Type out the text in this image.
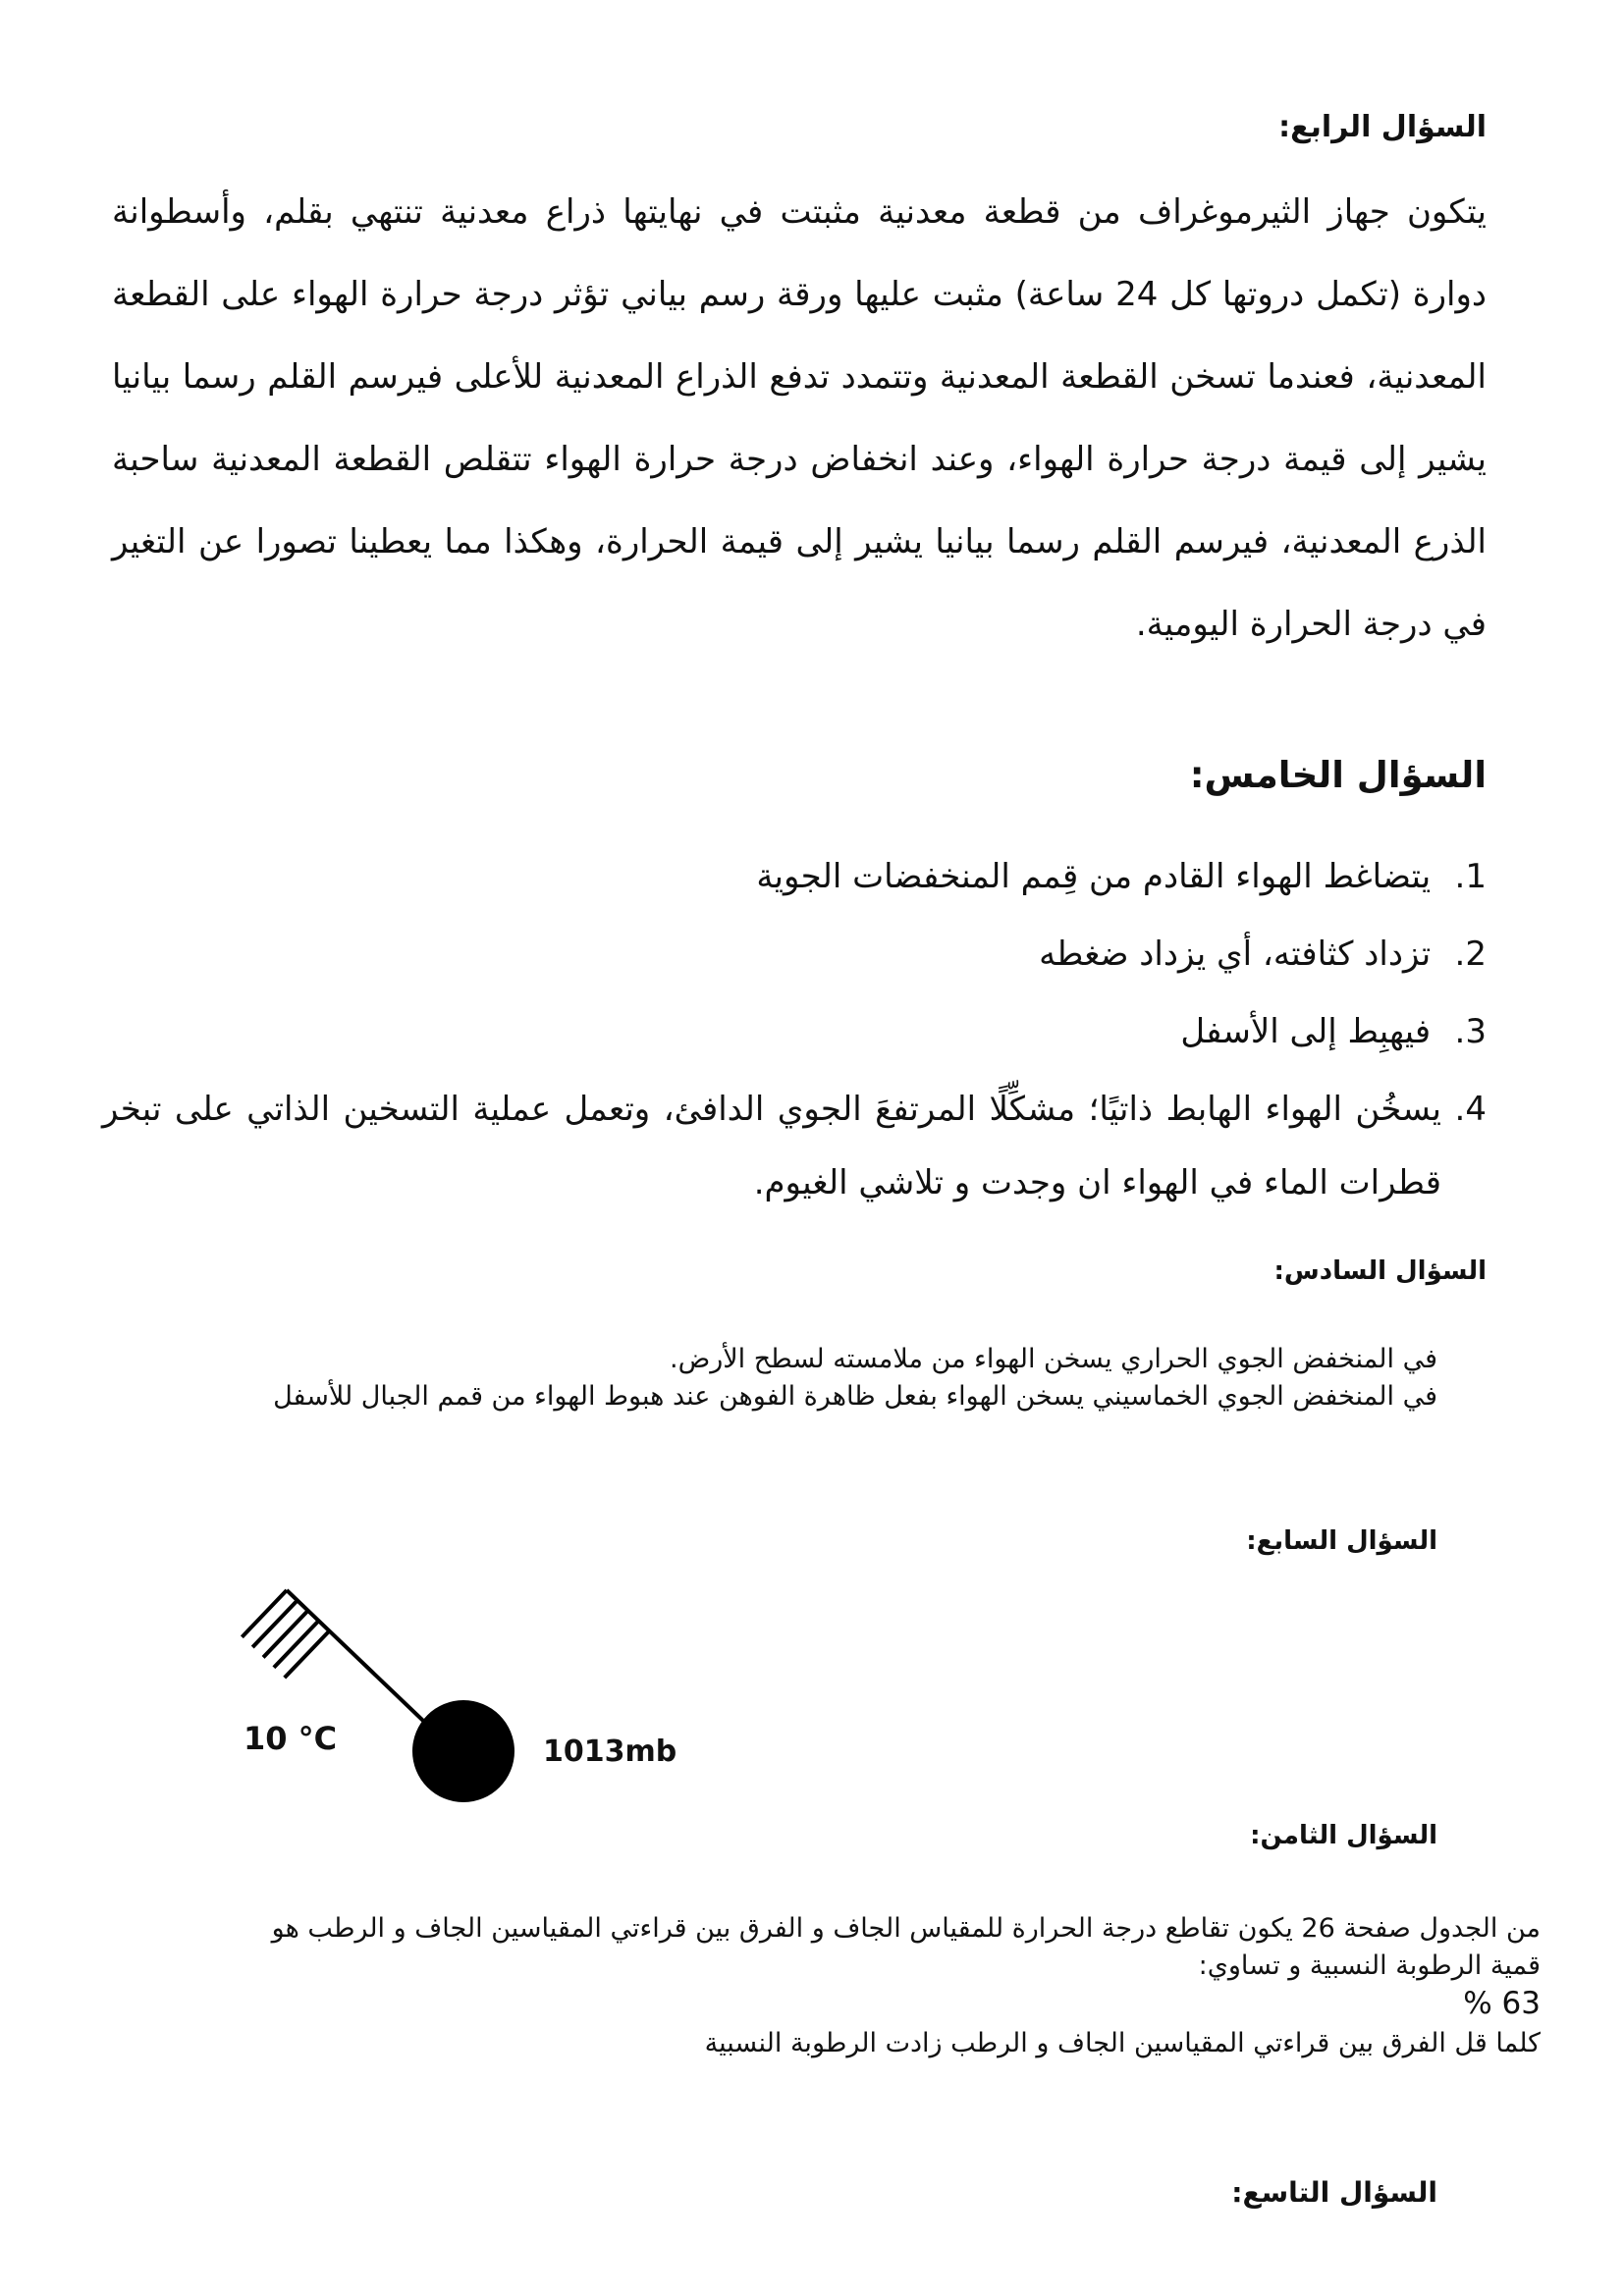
السؤال الرابع:
يتكون جهاز الثيرموغراف من قطعة معدنية مثبتت في نهايتها ذراع معدنية تنتهي بقلم، وأسطوانة دوارة (تكمل دروتها كل 24 ساعة) مثبت عليها ورقة رسم بياني تؤثر درجة حرارة الهواء على القطعة المعدنية، فعندما تسخن القطعة المعدنية وتتمدد تدفع الذراع المعدنية للأعلى فيرسم القلم رسما بيانيا يشير إلى قيمة درجة حرارة الهواء، وعند انخفاض درجة حرارة الهواء تتقلص القطعة المعدنية ساحبة الذرع المعدنية، فيرسم القلم رسما بيانيا يشير إلى قيمة الحرارة، وهكذا مما يعطينا تصورا عن التغير في درجة الحرارة اليومية.
السؤال الخامس:
1. يتضاغط الهواء القادم من قِمم المنخفضات الجوية
2. تزداد كثافته، أي يزداد ضغطه
3. فيهبِط إلى الأسفل
4.
يسخُن الهواء الهابط ذاتيًا؛ مشكِّلًا المرتفعَ الجوي الدافئ، وتعمل عملية التسخين الذاتي على تبخر قطرات الماء في الهواء ان وجدت و تلاشي الغيوم.
السؤال السادس:
في المنخفض الجوي الحراري يسخن الهواء من ملامسته لسطح الأرض.
في المنخفض الجوي الخماسيني يسخن الهواء بفعل ظاهرة الفوهن عند هبوط الهواء من قمم الجبال للأسفل
السؤال السابع:
10 °C	1013mb
السؤال الثامن:
من الجدول صفحة 26 يكون تقاطع درجة الحرارة للمقياس الجاف و الفرق بين قراءتي المقياسين الجاف و الرطب هو
قمية الرطوبة النسبية و تساوي:
63 %
كلما قل الفرق بين قراءتي المقياسين الجاف و الرطب زادت الرطوبة النسبية
السؤال التاسع:
